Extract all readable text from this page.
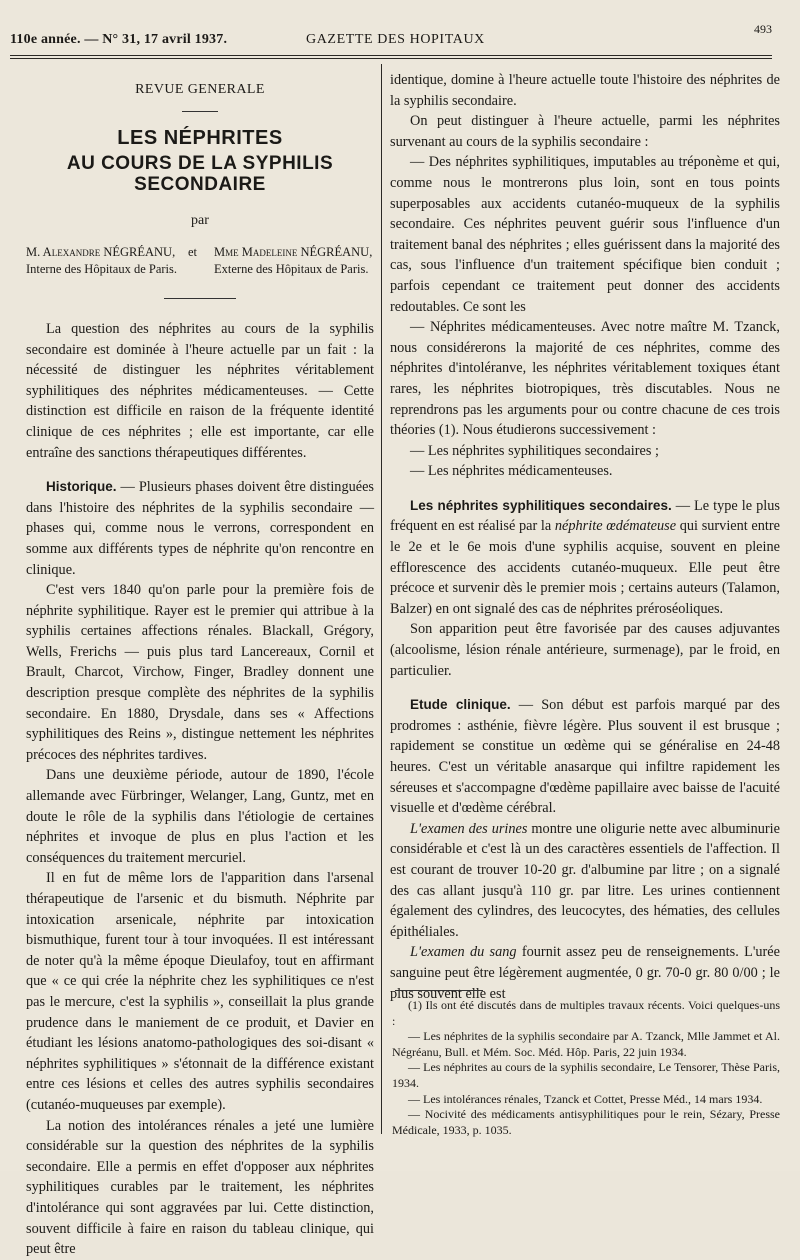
110e année. — N° 31, 17 avril 1937.	GAZETTE DES HOPITAUX
493
REVUE GENERALE
LES NÉPHRITES
AU COURS DE LA SYPHILIS SECONDAIRE
par
M. Alexandre NÉGRÉANU,
Interne des Hôpitaux de Paris.
et Mme Madeleine NÉGRÉANU,
Externe des Hôpitaux de Paris.

La question des néphrites au cours de la syphilis secondaire est dominée à l'heure actuelle par un fait : la nécessité de distinguer les néphrites véritablement syphilitiques des néphrites médicamenteuses. — Cette distinction est difficile en raison de la fréquente identité clinique de ces néphrites ; elle est importante, car elle entraîne des sanctions thérapeutiques différentes.

Historique. — Plusieurs phases doivent être distinguées dans l'histoire des néphrites de la syphilis secondaire — phases qui, comme nous le verrons, correspondent en somme aux différents types de néphrite qu'on rencontre en clinique.

C'est vers 1840 qu'on parle pour la première fois de néphrite syphilitique. Rayer est le premier qui attribue à la syphilis certaines affections rénales. Blackall, Grégory, Wells, Frerichs — puis plus tard Lancereaux, Cornil et Brault, Charcot, Virchow, Finger, Bradley donnent une description presque complète des néphrites de la syphilis secondaire. En 1880, Drysdale, dans ses « Affections syphilitiques des Reins », distingue nettement les néphrites précoces des néphrites tardives.

Dans une deuxième période, autour de 1890, l'école allemande avec Fürbringer, Welanger, Lang, Guntz, met en doute le rôle de la syphilis dans l'étiologie de certaines néphrites et invoque de plus en plus l'action et les conséquences du traitement mercuriel.

Il en fut de même lors de l'apparition dans l'arsenal thérapeutique de l'arsenic et du bismuth. Néphrite par intoxication arsenicale, néphrite par intoxication bismuthique, furent tour à tour invoquées. Il est intéressant de noter qu'à la même époque Dieulafoy, tout en affirmant que « ce qui crée la néphrite chez les syphilitiques ce n'est pas le mercure, c'est la syphilis », conseillait la plus grande prudence dans le maniement de ce produit, et Davier en étudiant les lésions anatomo-pathologiques des soi-disant « néphrites syphilitiques » s'étonnait de la différence existant entre ces lésions et celles des autres syphilis secondaires (cutanéo-muqueuses par exemple).

La notion des intolérances rénales a jeté une lumière considérable sur la question des néphrites de la syphilis secondaire. Elle a permis en effet d'opposer aux néphrites syphilitiques curables par le traitement, les néphrites d'intolérance qui sont aggravées par lui. Cette distinction, souvent difficile à faire en raison du tableau clinique, qui peut être

identique, domine à l'heure actuelle toute l'histoire des néphrites de la syphilis secondaire.

On peut distinguer à l'heure actuelle, parmi les néphrites survenant au cours de la syphilis secondaire :

— Des néphrites syphilitiques, imputables au tréponème et qui, comme nous le montrerons plus loin, sont en tous points superposables aux accidents cutanéo-muqueux de la syphilis secondaire. Ces néphrites peuvent guérir sous l'influence d'un traitement banal des néphrites ; elles guérissent dans la majorité des cas, sous l'influence d'un traitement spécifique bien conduit ; parfois cependant ce traitement peut donner des accidents redoutables. Ce sont les

— Néphrites médicamenteuses. Avec notre maître M. Tzanck, nous considérerons la majorité de ces néphrites, comme des néphrites d'intoléranve, les néphrites véritablement toxiques étant rares, les néphrites biotropiques, très discutables. Nous ne reprendrons pas les arguments pour ou contre chacune de ces trois théories (1). Nous étudierons successivement :

— Les néphrites syphilitiques secondaires ;

— Les néphrites médicamenteuses.

Les néphrites syphilitiques secondaires. — Le type le plus fréquent en est réalisé par la néphrite œdémateuse qui survient entre le 2e et le 6e mois d'une syphilis acquise, souvent en pleine efflorescence des accidents cutanéo-muqueux. Elle peut être précoce et survenir dès le premier mois ; certains auteurs (Talamon, Balzer) en ont signalé des cas de néphrites préroséoliques.

Son apparition peut être favorisée par des causes adjuvantes (alcoolisme, lésion rénale antérieure, surmenage), par le froid, en particulier.

Etude clinique. — Son début est parfois marqué par des prodromes : asthénie, fièvre légère. Plus souvent il est brusque ; rapidement se constitue un œdème qui se généralise en 24-48 heures. C'est un véritable anasarque qui infiltre rapidement les séreuses et s'accompagne d'œdème papillaire avec baisse de l'acuité visuelle et d'œdème cérébral.

L'examen des urines montre une oligurie nette avec albuminurie considérable et c'est là un des caractères essentiels de l'affection. Il est courant de trouver 10-20 gr. d'albumine par litre ; on a signalé des cas allant jusqu'à 110 gr. par litre. Les urines contiennent également des cylindres, des leucocytes, des hématies, des cellules épithéliales.

L'examen du sang fournit assez peu de renseignements. L'urée sanguine peut être légèrement augmentée, 0 gr. 70-0 gr. 80 0/00 ; le plus souvent elle est

(1) Ils ont été discutés dans de multiples travaux récents. Voici quelques-uns :

— Les néphrites de la syphilis secondaire par A. Tzanck, Mlle Jammet et Al. Négréanu, Bull. et Mém. Soc. Méd. Hôp. Paris, 22 juin 1934.

— Les néphrites au cours de la syphilis secondaire, Le Tensorer, Thèse Paris, 1934.

— Les intolérances rénales, Tzanck et Cottet, Presse Méd., 14 mars 1934.

— Nocivité des médicaments antisyphilitiques pour le rein, Sézary, Presse Médicale, 1933, p. 1035.
